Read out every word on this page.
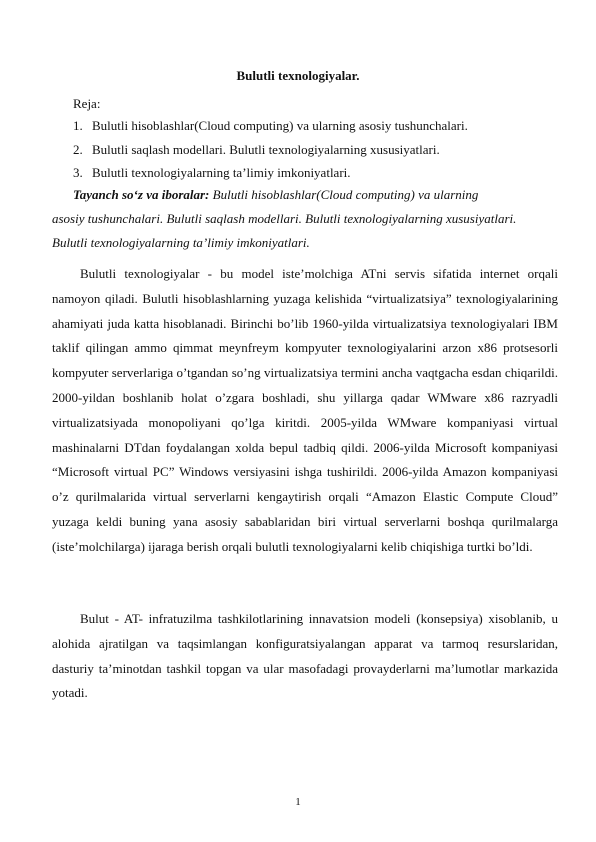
Bulutli texnologiyalar.
Reja:
1. Bulutli hisoblashlar(Cloud computing) va ularning asosiy tushunchalari.
2. Bulutli saqlash modellari. Bulutli texnologiyalarning xususiyatlari.
3. Bulutli texnologiyalarning ta’limiy imkoniyatlari.
Tayanch so‘z va iboralar: Bulutli hisoblashlar(Cloud computing) va ularning
asosiy tushunchalari. Bulutli saqlash modellari. Bulutli texnologiyalarning xususiyatlari.
Bulutli texnologiyalarning ta’limiy imkoniyatlari.

Bulutli texnologiyalar - bu model iste’molchiga ATni servis sifatida internet orqali namoyon qiladi. Bulutli hisoblashlarning yuzaga kelishida “virtualizatsiya” texnologiyalarining ahamiyati juda katta hisoblanadi. Birinchi bo’lib 1960-yilda virtualizatsiya texnologiyalari IBM taklif qilingan ammo qimmat meynfreym kompyuter texnologiyalarini arzon x86 protsesorli kompyuter serverlariga o’tgandan so’ng virtualizatsiya termini ancha vaqtgacha esdan chiqarildi. 2000-yildan boshlanib holat o’zgara boshladi, shu yillarga qadar WMware x86 razryadli virtualizatsiyada monopoliyani qo’lga kiritdi. 2005-yilda WMware kompaniyasi virtual mashinalarni DTdan foydalangan xolda bepul tadbiq qildi. 2006-yilda Microsoft kompaniyasi “Microsoft virtual PC” Windows versiyasini ishga tushirildi. 2006-yilda Amazon kompaniyasi o’z qurilmalarida virtual serverlarni kengaytirish orqali “Amazon Elastic Compute Cloud” yuzaga keldi buning yana asosiy sabablaridan biri virtual serverlarni boshqa qurilmalarga (iste’molchilarga) ijaraga berish orqali bulutli texnologiyalarni kelib chiqishiga turtki bo’ldi.

Bulut - AT- infratuzilma tashkilotlarining innavatsion modeli (konsepsiya) xisoblanib, u alohida ajratilgan va taqsimlangan konfiguratsiyalangan apparat va tarmoq resurslaridan, dasturiy ta’minotdan tashkil topgan va ular masofadagi provayderlarni ma’lumotlar markazida yotadi.

1
